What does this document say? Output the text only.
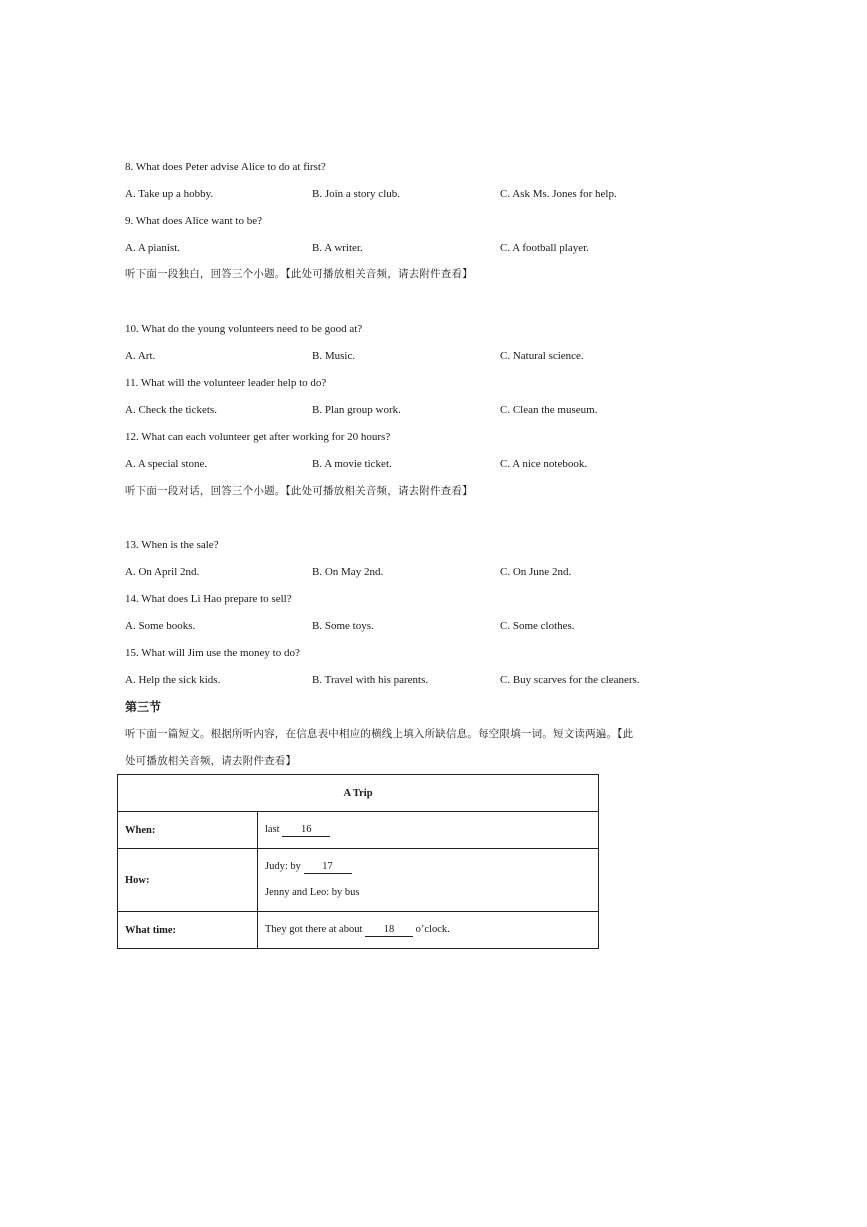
8. What does Peter advise Alice to do at first?
A. Take up a hobby.	B. Join a story club.	C. Ask Ms. Jones for help.
9. What does Alice want to be?
A. A pianist.	B. A writer.	C. A football player.
听下面一段独白，回答三个小题。【此处可播放相关音频，请去附件查看】
10. What do the young volunteers need to be good at?
A. Art.	B. Music.	C. Natural science.
11. What will the volunteer leader help to do?
A. Check the tickets.	B. Plan group work.	C. Clean the museum.
12. What can each volunteer get after working for 20 hours?
A. A special stone.	B. A movie ticket.	C. A nice notebook.
听下面一段对话，回答三个小题。【此处可播放相关音频，请去附件查看】
13. When is the sale?
A. On April 2nd.	B. On May 2nd.	C. On June 2nd.
14. What does Li Hao prepare to sell?
A. Some books.	B. Some toys.	C. Some clothes.
15. What will Jim use the money to do?
A. Help the sick kids.	B. Travel with his parents.	C. Buy scarves for the cleaners.
第三节
听下面一篇短文。根据所听内容，在信息表中相应的横线上填入所缺信息。每空限填一词。短文读两遍。【此
处可播放相关音频，请去附件查看】
A Trip	
When:	last 16
How:	Judy: by 17
Jenny and Leo: by bus

What time:	They got there at about 18 o’clock.
